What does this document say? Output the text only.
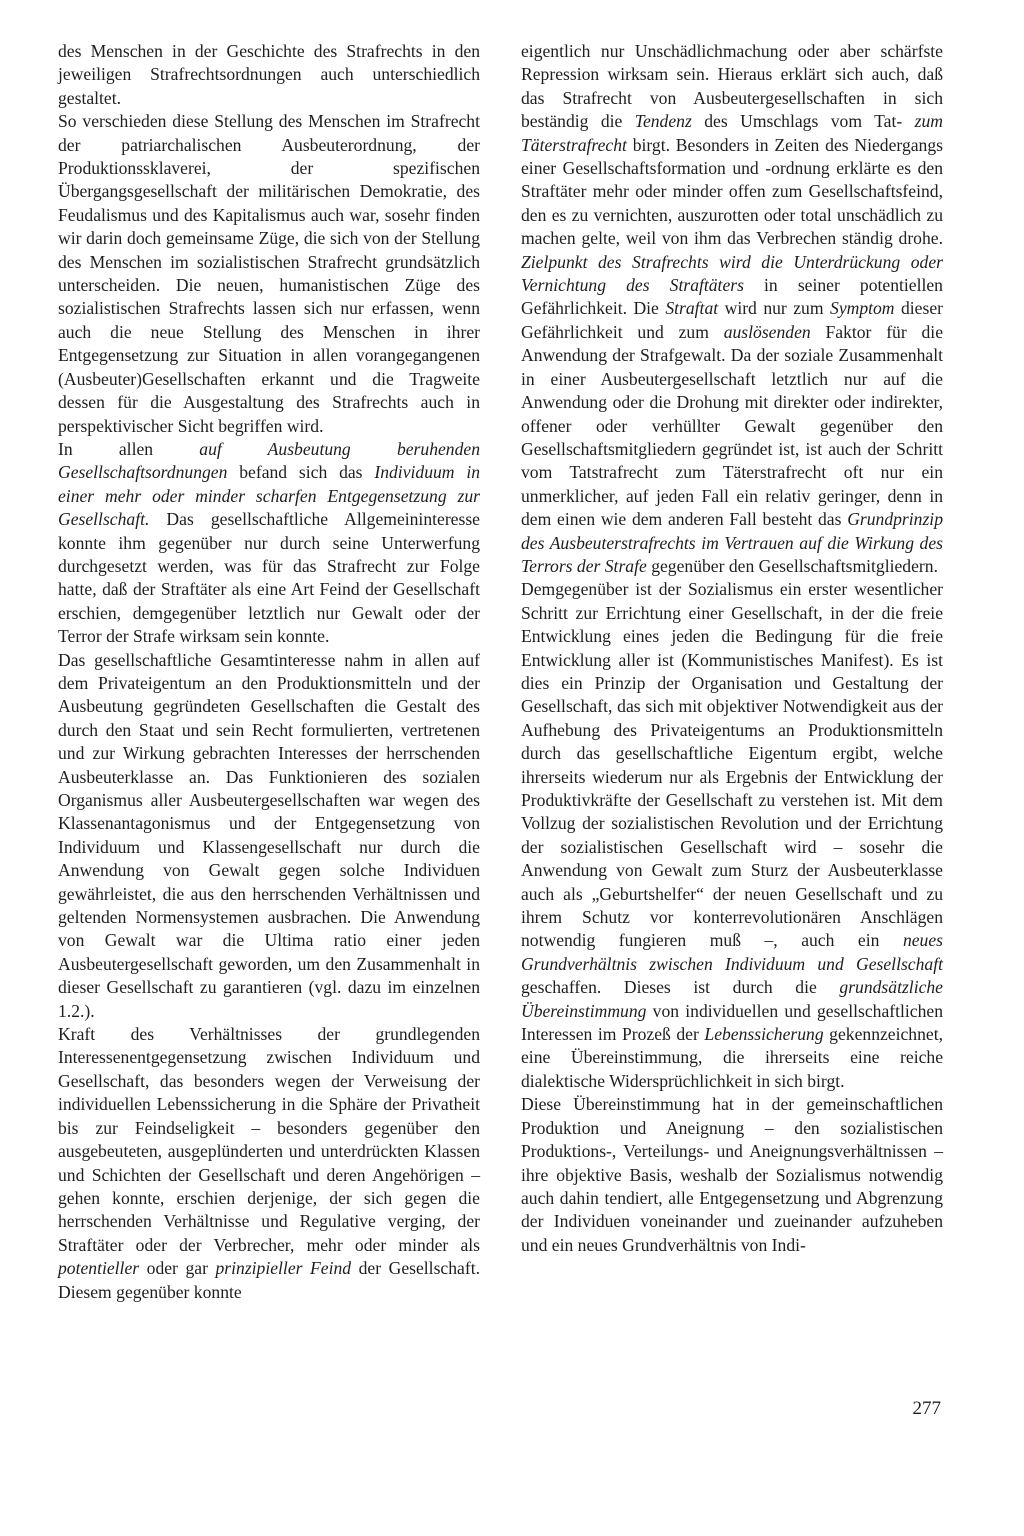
des Menschen in der Geschichte des Strafrechts in den jeweiligen Strafrechtsordnungen auch unterschiedlich gestaltet.

So verschieden diese Stellung des Menschen im Strafrecht der patriarchalischen Ausbeuterordnung, der Produktionssklaverei, der spezifischen Übergangsgesellschaft der militärischen Demokratie, des Feudalismus und des Kapitalismus auch war, sosehr finden wir darin doch gemeinsame Züge, die sich von der Stellung des Menschen im sozialistischen Strafrecht grundsätzlich unterscheiden. Die neuen, humanistischen Züge des sozialistischen Strafrechts lassen sich nur erfassen, wenn auch die neue Stellung des Menschen in ihrer Entgegensetzung zur Situation in allen vorangegangenen (Ausbeuter)Gesellschaften erkannt und die Tragweite dessen für die Ausgestaltung des Strafrechts auch in perspektivischer Sicht begriffen wird.

In allen auf Ausbeutung beruhenden Gesellschaftsordnungen befand sich das Individuum in einer mehr oder minder scharfen Entgegensetzung zur Gesellschaft. Das gesellschaftliche Allgemeininteresse konnte ihm gegenüber nur durch seine Unterwerfung durchgesetzt werden, was für das Strafrecht zur Folge hatte, daß der Straftäter als eine Art Feind der Gesellschaft erschien, demgegenüber letztlich nur Gewalt oder der Terror der Strafe wirksam sein konnte.

Das gesellschaftliche Gesamtinteresse nahm in allen auf dem Privateigentum an den Produktionsmitteln und der Ausbeutung gegründeten Gesellschaften die Gestalt des durch den Staat und sein Recht formulierten, vertretenen und zur Wirkung gebrachten Interesses der herrschenden Ausbeuterklasse an. Das Funktionieren des sozialen Organismus aller Ausbeutergesellschaften war wegen des Klassenantagonismus und der Entgegensetzung von Individuum und Klassengesellschaft nur durch die Anwendung von Gewalt gegen solche Individuen gewährleistet, die aus den herrschenden Verhältnissen und geltenden Normensystemen ausbrachen. Die Anwendung von Gewalt war die Ultima ratio einer jeden Ausbeutergesellschaft geworden, um den Zusammenhalt in dieser Gesellschaft zu garantieren (vgl. dazu im einzelnen 1.2.).

Kraft des Verhältnisses der grundlegenden Interessenentgegensetzung zwischen Individuum und Gesellschaft, das besonders wegen der Verweisung der individuellen Lebenssicherung in die Sphäre der Privatheit bis zur Feindseligkeit – besonders gegenüber den ausgebeuteten, ausgeplünderten und unterdrückten Klassen und Schichten der Gesellschaft und deren Angehörigen – gehen konnte, erschien derjenige, der sich gegen die herrschenden Verhältnisse und Regulative verging, der Straftäter oder der Verbrecher, mehr oder minder als potentieller oder gar prinzipieller Feind der Gesellschaft. Diesem gegenüber konnte

eigentlich nur Unschädlichmachung oder aber schärfste Repression wirksam sein. Hieraus erklärt sich auch, daß das Strafrecht von Ausbeutergesellschaften in sich beständig die Tendenz des Umschlags vom Tat- zum Täterstrafrecht birgt. Besonders in Zeiten des Niedergangs einer Gesellschaftsformation und -ordnung erklärte es den Straftäter mehr oder minder offen zum Gesellschaftsfeind, den es zu vernichten, auszurotten oder total unschädlich zu machen gelte, weil von ihm das Verbrechen ständig drohe. Zielpunkt des Strafrechts wird die Unterdrückung oder Vernichtung des Straftäters in seiner potentiellen Gefährlichkeit. Die Straftat wird nur zum Symptom dieser Gefährlichkeit und zum auslösenden Faktor für die Anwendung der Strafgewalt. Da der soziale Zusammenhalt in einer Ausbeutergesellschaft letztlich nur auf die Anwendung oder die Drohung mit direkter oder indirekter, offener oder verhüllter Gewalt gegenüber den Gesellschaftsmitgliedern gegründet ist, ist auch der Schritt vom Tatstrafrecht zum Täterstrafrecht oft nur ein unmerklicher, auf jeden Fall ein relativ geringer, denn in dem einen wie dem anderen Fall besteht das Grundprinzip des Ausbeuterstrafrechts im Vertrauen auf die Wirkung des Terrors der Strafe gegenüber den Gesellschaftsmitgliedern.

Demgegenüber ist der Sozialismus ein erster wesentlicher Schritt zur Errichtung einer Gesellschaft, in der die freie Entwicklung eines jeden die Bedingung für die freie Entwicklung aller ist (Kommunistisches Manifest). Es ist dies ein Prinzip der Organisation und Gestaltung der Gesellschaft, das sich mit objektiver Notwendigkeit aus der Aufhebung des Privateigentums an Produktionsmitteln durch das gesellschaftliche Eigentum ergibt, welche ihrerseits wiederum nur als Ergebnis der Entwicklung der Produktivkräfte der Gesellschaft zu verstehen ist. Mit dem Vollzug der sozialistischen Revolution und der Errichtung der sozialistischen Gesellschaft wird – sosehr die Anwendung von Gewalt zum Sturz der Ausbeuterklasse auch als „Geburtshelfer“ der neuen Gesellschaft und zu ihrem Schutz vor konterrevolutionären Anschlägen notwendig fungieren muß –, auch ein neues Grundverhältnis zwischen Individuum und Gesellschaft geschaffen. Dieses ist durch die grundsätzliche Übereinstimmung von individuellen und gesellschaftlichen Interessen im Prozeß der Lebenssicherung gekennzeichnet, eine Übereinstimmung, die ihrerseits eine reiche dialektische Widersprüchlichkeit in sich birgt.

Diese Übereinstimmung hat in der gemeinschaftlichen Produktion und Aneignung – den sozialistischen Produktions-, Verteilungs- und Aneignungsverhältnissen – ihre objektive Basis, weshalb der Sozialismus notwendig auch dahin tendiert, alle Entgegensetzung und Abgrenzung der Individuen voneinander und zueinander aufzuheben und ein neues Grundverhältnis von Indi-

277
